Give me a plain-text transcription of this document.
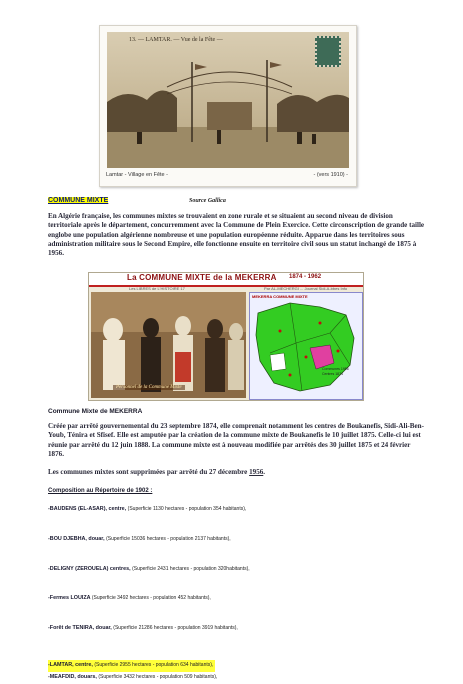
13. — LAMTAR. — Vue de la Fête —
Lamtar - Village en Fête -	- (vers 1910) -
COMMUNE MIXTE	Source Gallica
En Algérie française, les communes mixtes se trouvaient en zone rurale et se situaient au second niveau de division territoriale après le département, concurremment avec la Commune de Plein Exercice. Cette circonscription de grande taille englobe une population algérienne nombreuse et une population européenne réduite. Apparue dans les territoires sous administration militaire sous le Second Empire, elle fonctionne ensuite en territoire civil sous un statut inchangé de 1875 à 1956.
La COMMUNE MIXTE de la MEKERRA 1874 - 1962
Les LIBRES de L'HISTOIRE 17	Par AL-MECHERGI ... Journal Sidi-A-bbes Info
Personnel de la Commune Mixte
MEKERRA COMMUNE MIXTE
Communes 1956
Centres 1874
Commune Mixte de MEKERRA
Créée par arrêté gouvernemental du 23 septembre 1874, elle comprenait notamment les centres de Boukanefis, Sidi-Ali-Ben-Youb, Ténira et Sfisef. Elle est amputée par la création de la commune mixte de Boukanefis le 10 juillet 1875. Celle-ci lui est réunie par arrêté du 12 juin 1888. La commune mixte est à nouveau modifiée par arrêtés des 30 juillet 1875 et 24 février 1876.
Les communes mixtes sont supprimées par arrêté du 27 décembre 1956.
Composition au Répertoire de 1902 :
-BAUDENS (EL-ASAR), centre, (Superficie 1130 hectares - population 354 habitants),

-BOU DJEBHA, douar, (Superficie 15036 hectares - population 2137 habitants),

-DELIGNY (ZEROUELA) centres, (Superficie 2431 hectares - population 320habitants),

-Fermes LOUIZA (Superficie 3492 hectares - population 452 habitants),

-Forêt de TENIRA, douar, (Superficie 21286 hectares - population 3919 habitants),

-LAMTAR, centre, (Superficie 2955 hectares - population 634 habitants),

-MEAFDID, douars, (Superficie 3432 hectares - population 509 habitants),
